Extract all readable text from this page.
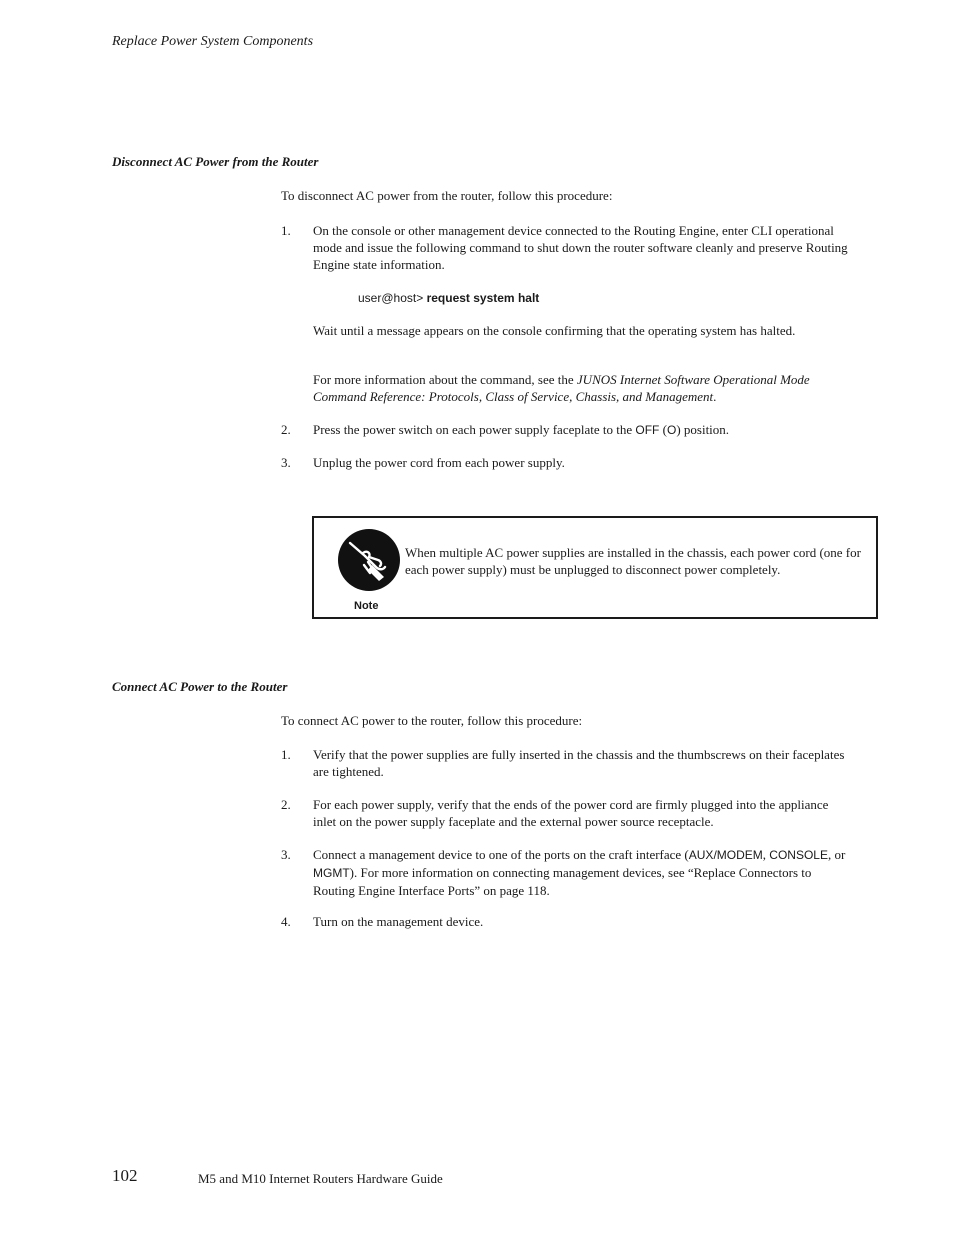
Replace Power System Components
Disconnect AC Power from the Router
To disconnect AC power from the router, follow this procedure:
1. On the console or other management device connected to the Routing Engine, enter CLI operational mode and issue the following command to shut down the router software cleanly and preserve Routing Engine state information.
user@host> request system halt
Wait until a message appears on the console confirming that the operating system has halted.
For more information about the command, see the JUNOS Internet Software Operational Mode Command Reference: Protocols, Class of Service, Chassis, and Management.
2. Press the power switch on each power supply faceplate to the OFF (O) position.
3. Unplug the power cord from each power supply.
Note
When multiple AC power supplies are installed in the chassis, each power cord (one for each power supply) must be unplugged to disconnect power completely.
Connect AC Power to the Router
To connect AC power to the router, follow this procedure:
1. Verify that the power supplies are fully inserted in the chassis and the thumbscrews on their faceplates are tightened.
2. For each power supply, verify that the ends of the power cord are firmly plugged into the appliance inlet on the power supply faceplate and the external power source receptacle.
3. Connect a management device to one of the ports on the craft interface (AUX/MODEM, CONSOLE, or MGMT). For more information on connecting management devices, see “Replace Connectors to Routing Engine Interface Ports” on page 118.
4. Turn on the management device.
102	M5 and M10 Internet Routers Hardware Guide
